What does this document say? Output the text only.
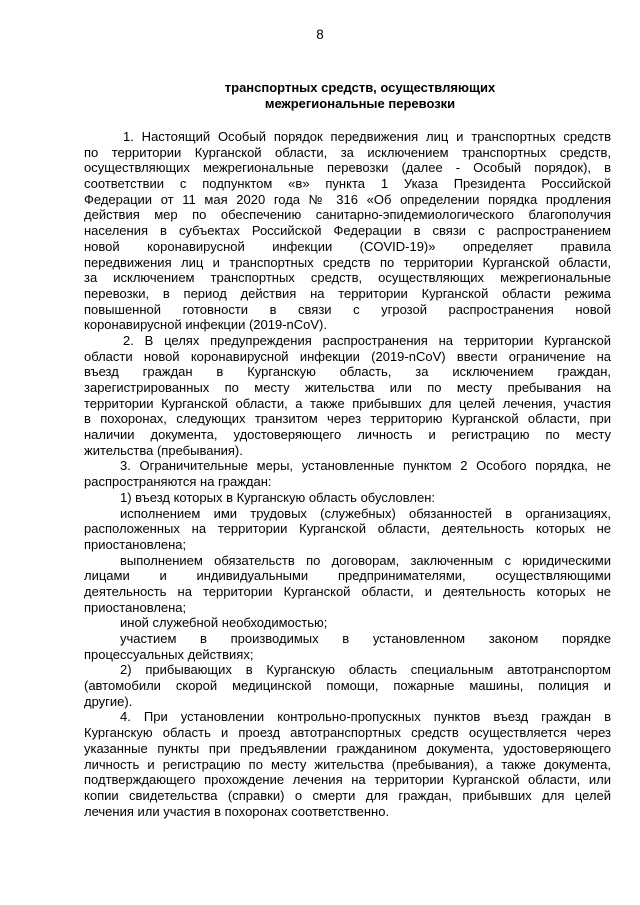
8
транспортных средств, осуществляющих
межрегиональные перевозки
1. Настоящий Особый порядок передвижения лиц и транспортных средств
по территории Курганской области, за исключением транспортных средств,
осуществляющих межрегиональные перевозки (далее - Особый порядок), в
соответствии с подпунктом «в» пункта 1 Указа Президента Российской
Федерации от 11 мая 2020 года № 316 «Об определении порядка продления
действия мер по обеспечению санитарно-эпидемиологического благополучия
населения в субъектах Российской Федерации в связи с распространением
новой коронавирусной инфекции (COVID-19)» определяет правила
передвижения лиц и транспортных средств по территории Курганской области,
за исключением транспортных средств, осуществляющих межрегиональные
перевозки, в период действия на территории Курганской области режима
повышенной готовности в связи с угрозой распространения новой
коронавирусной инфекции (2019-nCoV).
2. В целях предупреждения распространения на территории Курганской
области новой коронавирусной инфекции (2019-nCoV) ввести ограничение на
въезд граждан в Курганскую область, за исключением граждан,
зарегистрированных по месту жительства или по месту пребывания на
территории Курганской области, а также прибывших для целей лечения, участия
в похоронах, следующих транзитом через территорию Курганской области, при
наличии документа, удостоверяющего личность и регистрацию по месту
жительства (пребывания).
3. Ограничительные меры, установленные пунктом 2 Особого порядка, не
распространяются на граждан:
1) въезд которых в Курганскую область обусловлен:
исполнением ими трудовых (служебных) обязанностей в организациях,
расположенных на территории Курганской области, деятельность которых не
приостановлена;
выполнением обязательств по договорам, заключенным с юридическими
лицами и индивидуальными предпринимателями, осуществляющими
деятельность на территории Курганской области, и деятельность которых не
приостановлена;
иной служебной необходимостью;
участием в производимых в установленном законом порядке
процессуальных действиях;
2) прибывающих в Курганскую область специальным автотранспортом
(автомобили скорой медицинской помощи, пожарные машины, полиция и
другие).
4. При установлении контрольно-пропускных пунктов въезд граждан в
Курганскую область и проезд автотранспортных средств осуществляется через
указанные пункты при предъявлении гражданином документа, удостоверяющего
личность и регистрацию по месту жительства (пребывания), а также документа,
подтверждающего прохождение лечения на территории Курганской области, или
копии свидетельства (справки) о смерти для граждан, прибывших для целей
лечения или участия в похоронах соответственно.
